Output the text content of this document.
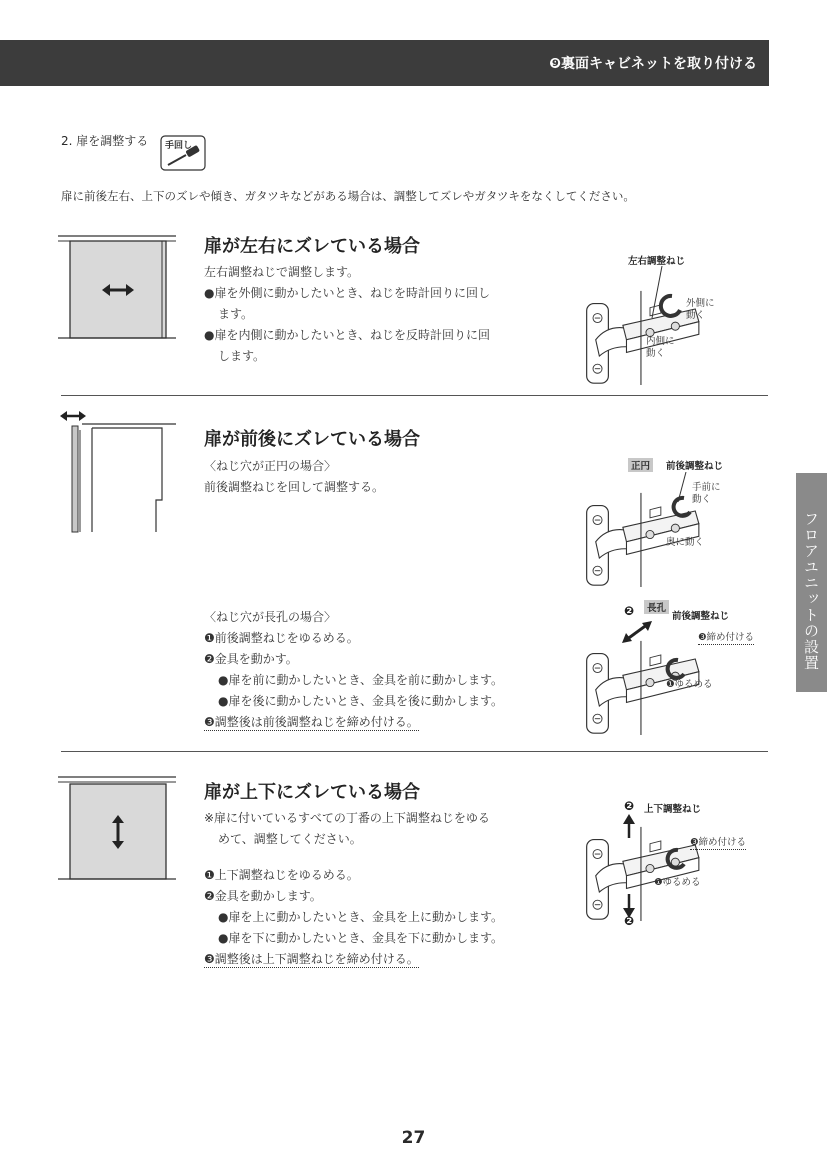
❾裏面キャビネットを取り付ける
フロアユニットの設置
2. 扉を調整する 手回し
扉に前後左右、上下のズレや傾き、ガタツキなどがある場合は、調整してズレやガタツキをなくしてください。
扉が左右にズレている場合
左右調整ねじで調整します。
●扉を外側に動かしたいとき、ねじを時計回りに回し
ます。
●扉を内側に動かしたいとき、ねじを反時計回りに回
します。
左右調整ねじ
外側に
動く
内側に
動く
扉が前後にズレている場合
〈ねじ穴が正円の場合〉
前後調整ねじを回して調整する。
正円	前後調整ねじ
手前に
動く
奥に動く
〈ねじ穴が長孔の場合〉
❶前後調整ねじをゆるめる。
❷金具を動かす。
●扉を前に動かしたいとき、金具を前に動かします。
●扉を後に動かしたいとき、金具を後に動かします。
❸調整後は前後調整ねじを締め付ける。
❷	長孔
前後調整ねじ
❸締め付ける
❶ゆるめる
扉が上下にズレている場合
※扉に付いているすべての丁番の上下調整ねじをゆる
めて、調整してください。
❶上下調整ねじをゆるめる。
❷金具を動かします。
●扉を上に動かしたいとき、金具を上に動かします。
●扉を下に動かしたいとき、金具を下に動かします。
❸調整後は上下調整ねじを締め付ける。
❷ 上下調整ねじ
❸締め付ける
❶ゆるめる
❷
27
